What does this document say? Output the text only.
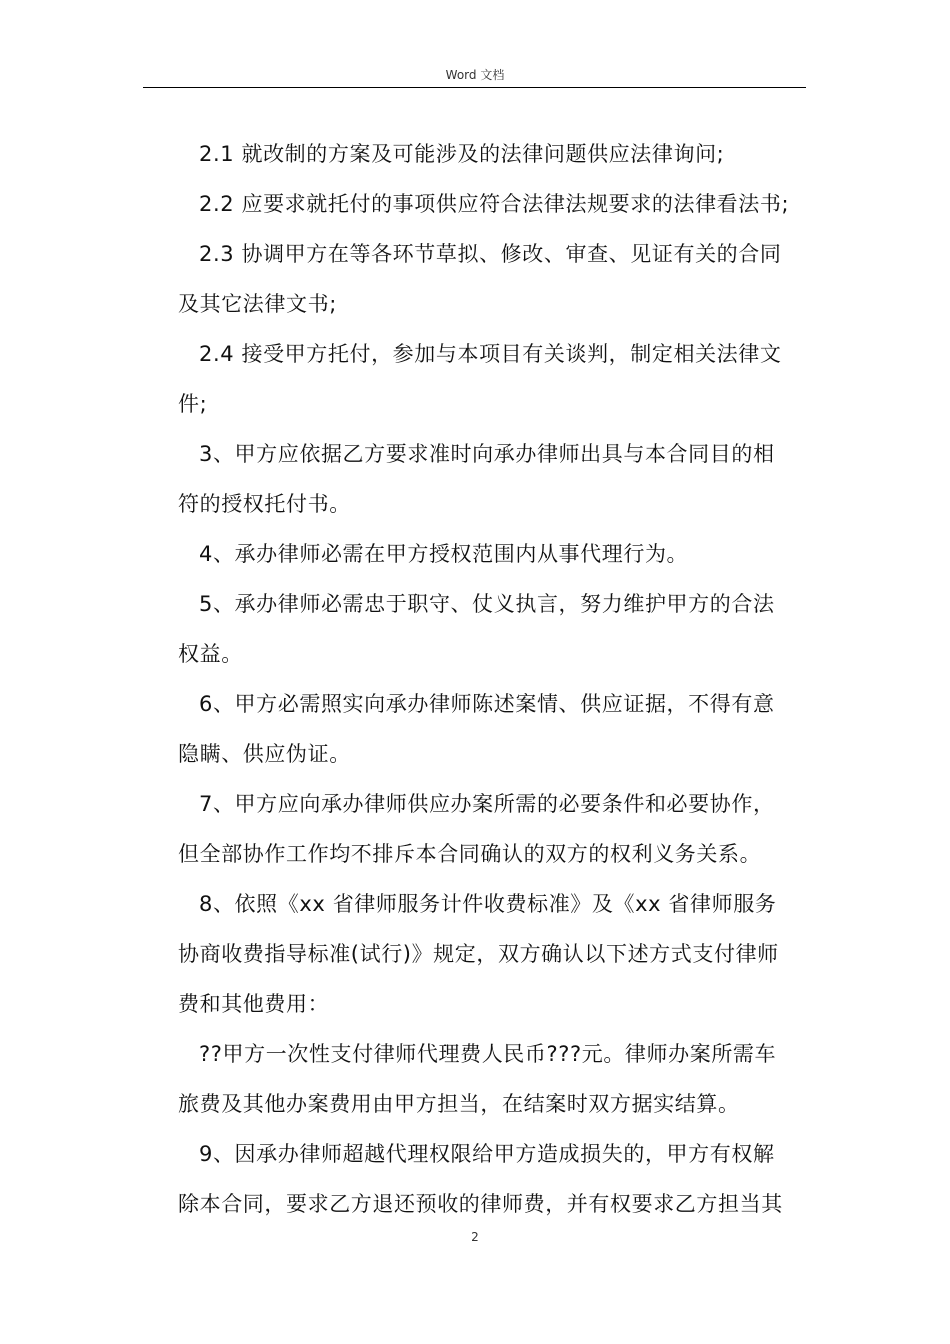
Word 文档

2.1 就改制的方案及可能涉及的法律问题供应法律询问;

2.2 应要求就托付的事项供应符合法律法规要求的法律看法书;

2.3 协调甲方在等各环节草拟、修改、审查、见证有关的合同及其它法律文书;

2.4 接受甲方托付，参加与本项目有关谈判，制定相关法律文件;

3、甲方应依据乙方要求准时向承办律师出具与本合同目的相符的授权托付书。

4、承办律师必需在甲方授权范围内从事代理行为。

5、承办律师必需忠于职守、仗义执言，努力维护甲方的合法权益。

6、甲方必需照实向承办律师陈述案情、供应证据，不得有意隐瞒、供应伪证。

7、甲方应向承办律师供应办案所需的必要条件和必要协作，但全部协作工作均不排斥本合同确认的双方的权利义务关系。

8、依照《xx 省律师服务计件收费标准》及《xx 省律师服务协商收费指导标准(试行)》规定，双方确认以下述方式支付律师费和其他费用：

??甲方一次性支付律师代理费人民币???元。律师办案所需车旅费及其他办案费用由甲方担当，在结案时双方据实结算。

9、因承办律师超越代理权限给甲方造成损失的，甲方有权解除本合同，要求乙方退还预收的律师费，并有权要求乙方担当其

2
